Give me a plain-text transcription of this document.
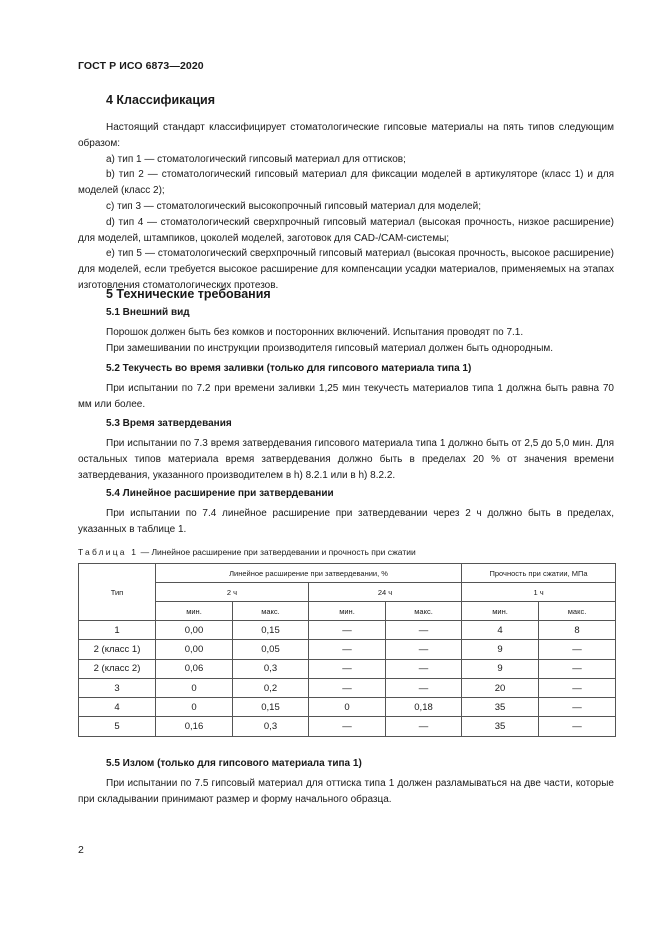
ГОСТ Р ИСО 6873—2020
4 Классификация

Настоящий стандарт классифицирует стоматологические гипсовые материалы на пять типов следующим образом:

a) тип 1 — стоматологический гипсовый материал для оттисков;

b) тип 2 — стоматологический гипсовый материал для фиксации моделей в артикуляторе (класс 1) и для моделей (класс 2);

c) тип 3 — стоматологический высокопрочный гипсовый материал для моделей;

d) тип 4 — стоматологический сверхпрочный гипсовый материал (высокая прочность, низкое расширение) для моделей, штампиков, цоколей моделей, заготовок для CAD-/CAM-системы;

e) тип 5 — стоматологический сверхпрочный гипсовый материал (высокая прочность, высокое расширение) для моделей, если требуется высокое расширение для компенсации усадки материалов, применяемых на этапах изготовления стоматологических протезов.

5 Технические требования
5.1 Внешний вид

Порошок должен быть без комков и посторонних включений. Испытания проводят по 7.1.

При замешивании по инструкции производителя гипсовый материал должен быть однородным.

5.2 Текучесть во время заливки (только для гипсового материала типа 1)

При испытании по 7.2 при времени заливки 1,25 мин текучесть материалов типа 1 должна быть равна 70 мм или более.

5.3 Время затвердевания

При испытании по 7.3 время затвердевания гипсового материала типа 1 должно быть от 2,5 до 5,0 мин. Для остальных типов материала время затвердевания должно быть в пределах 20 % от значения времени затвердевания, указанного производителем в h) 8.2.1 или в h) 8.2.2.

5.4 Линейное расширение при затвердевании

При испытании по 7.4 линейное расширение при затвердевании через 2 ч должно быть в пределах, указанных в таблице 1.

Таблица 1 — Линейное расширение при затвердевании и прочность при сжатии
Тип	Линейное расширение при затвердевании, %				Прочность при сжатии, МПа	
	2 ч		24 ч		1 ч	
	мин.	макс.	мин.	макс.	мин.	макс.
1	0,00	0,15	—	—	4	8
2 (класс 1)	0,00	0,05	—	—	9	—
2 (класс 2)	0,06	0,3	—	—	9	—
3	0	0,2	—	—	20	—
4	0	0,15	0	0,18	35	—
5	0,16	0,3	—	—	35	—
5.5 Излом (только для гипсового материала типа 1)

При испытании по 7.5 гипсовый материал для оттиска типа 1 должен разламываться на две части, которые при складывании принимают размер и форму начального образца.

2
